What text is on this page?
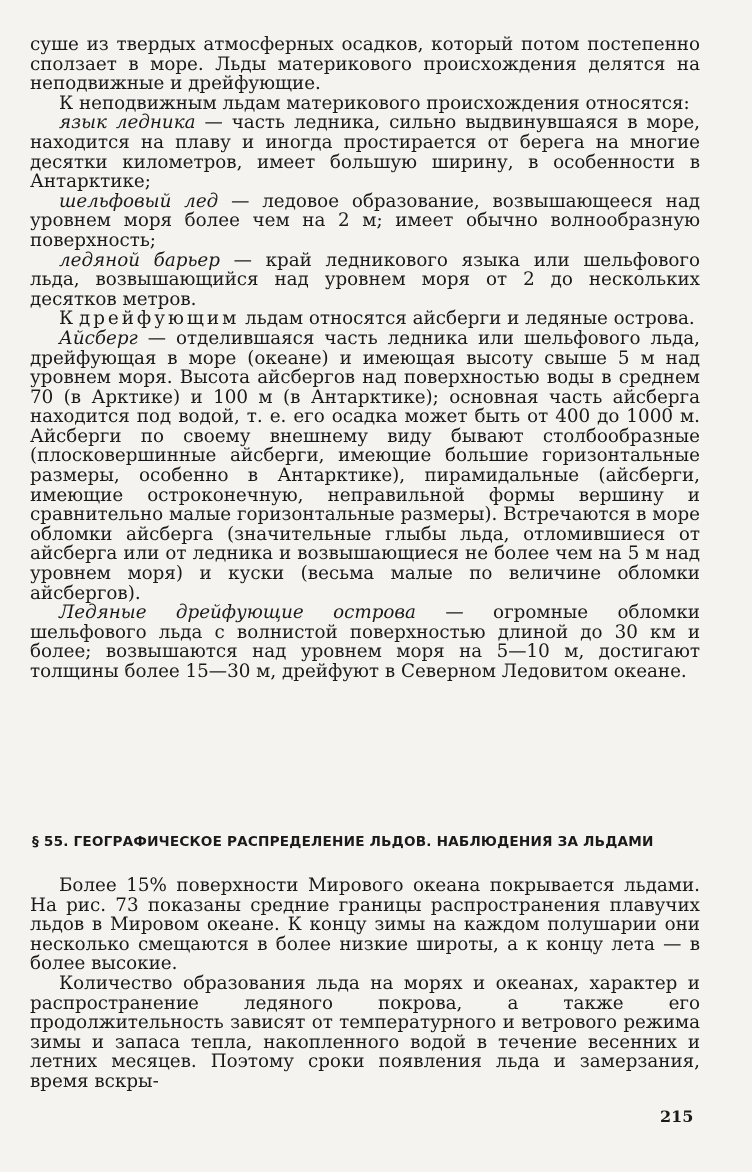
суше из твердых атмосферных осадков, который потом постепенно сползает в море. Льды материкового происхождения делятся на неподвижные и дрейфующие.

К неподвижным льдам материкового происхождения относятся:

язык ледника — часть ледника, сильно выдвинувшаяся в море, находится на плаву и иногда простирается от берега на многие десятки километров, имеет большую ширину, в особенности в Антарктике;

шельфовый лед — ледовое образование, возвышающееся над уровнем моря более чем на 2 м; имеет обычно волнообразную поверхность;

ледяной барьер — край ледникового языка или шельфового льда, возвышающийся над уровнем моря от 2 до нескольких десятков метров.

К дрейфующим льдам относятся айсберги и ледяные острова.

Айсберг — отделившаяся часть ледника или шельфового льда, дрейфующая в море (океане) и имеющая высоту свыше 5 м над уровнем моря. Высота айсбергов над поверхностью воды в среднем 70 (в Арктике) и 100 м (в Антарктике); основная часть айсберга находится под водой, т. е. его осадка может быть от 400 до 1000 м. Айсберги по своему внешнему виду бывают столбообразные (плосковершинные айсберги, имеющие большие горизонтальные размеры, особенно в Антарктике), пирамидальные (айсберги, имеющие остроконечную, неправильной формы вершину и сравнительно малые горизонтальные размеры). Встречаются в море обломки айсберга (значительные глыбы льда, отломившиеся от айсберга или от ледника и возвышающиеся не более чем на 5 м над уровнем моря) и куски (весьма малые по величине обломки айсбергов).

Ледяные дрейфующие острова — огромные обломки шельфового льда с волнистой поверхностью длиной до 30 км и более; возвышаются над уровнем моря на 5—10 м, достигают толщины более 15—30 м, дрейфуют в Северном Ледовитом океане.

§ 55. ГЕОГРАФИЧЕСКОЕ РАСПРЕДЕЛЕНИЕ ЛЬДОВ. НАБЛЮДЕНИЯ ЗА ЛЬДАМИ

Более 15% поверхности Мирового океана покрывается льдами. На рис. 73 показаны средние границы распространения плавучих льдов в Мировом океане. К концу зимы на каждом полушарии они несколько смещаются в более низкие широты, а к концу лета — в более высокие.

Количество образования льда на морях и океанах, характер и распространение ледяного покрова, а также его продолжительность зависят от температурного и ветрового режима зимы и запаса тепла, накопленного водой в течение весенних и летних месяцев. Поэтому сроки появления льда и замерзания, время вскры-

215
